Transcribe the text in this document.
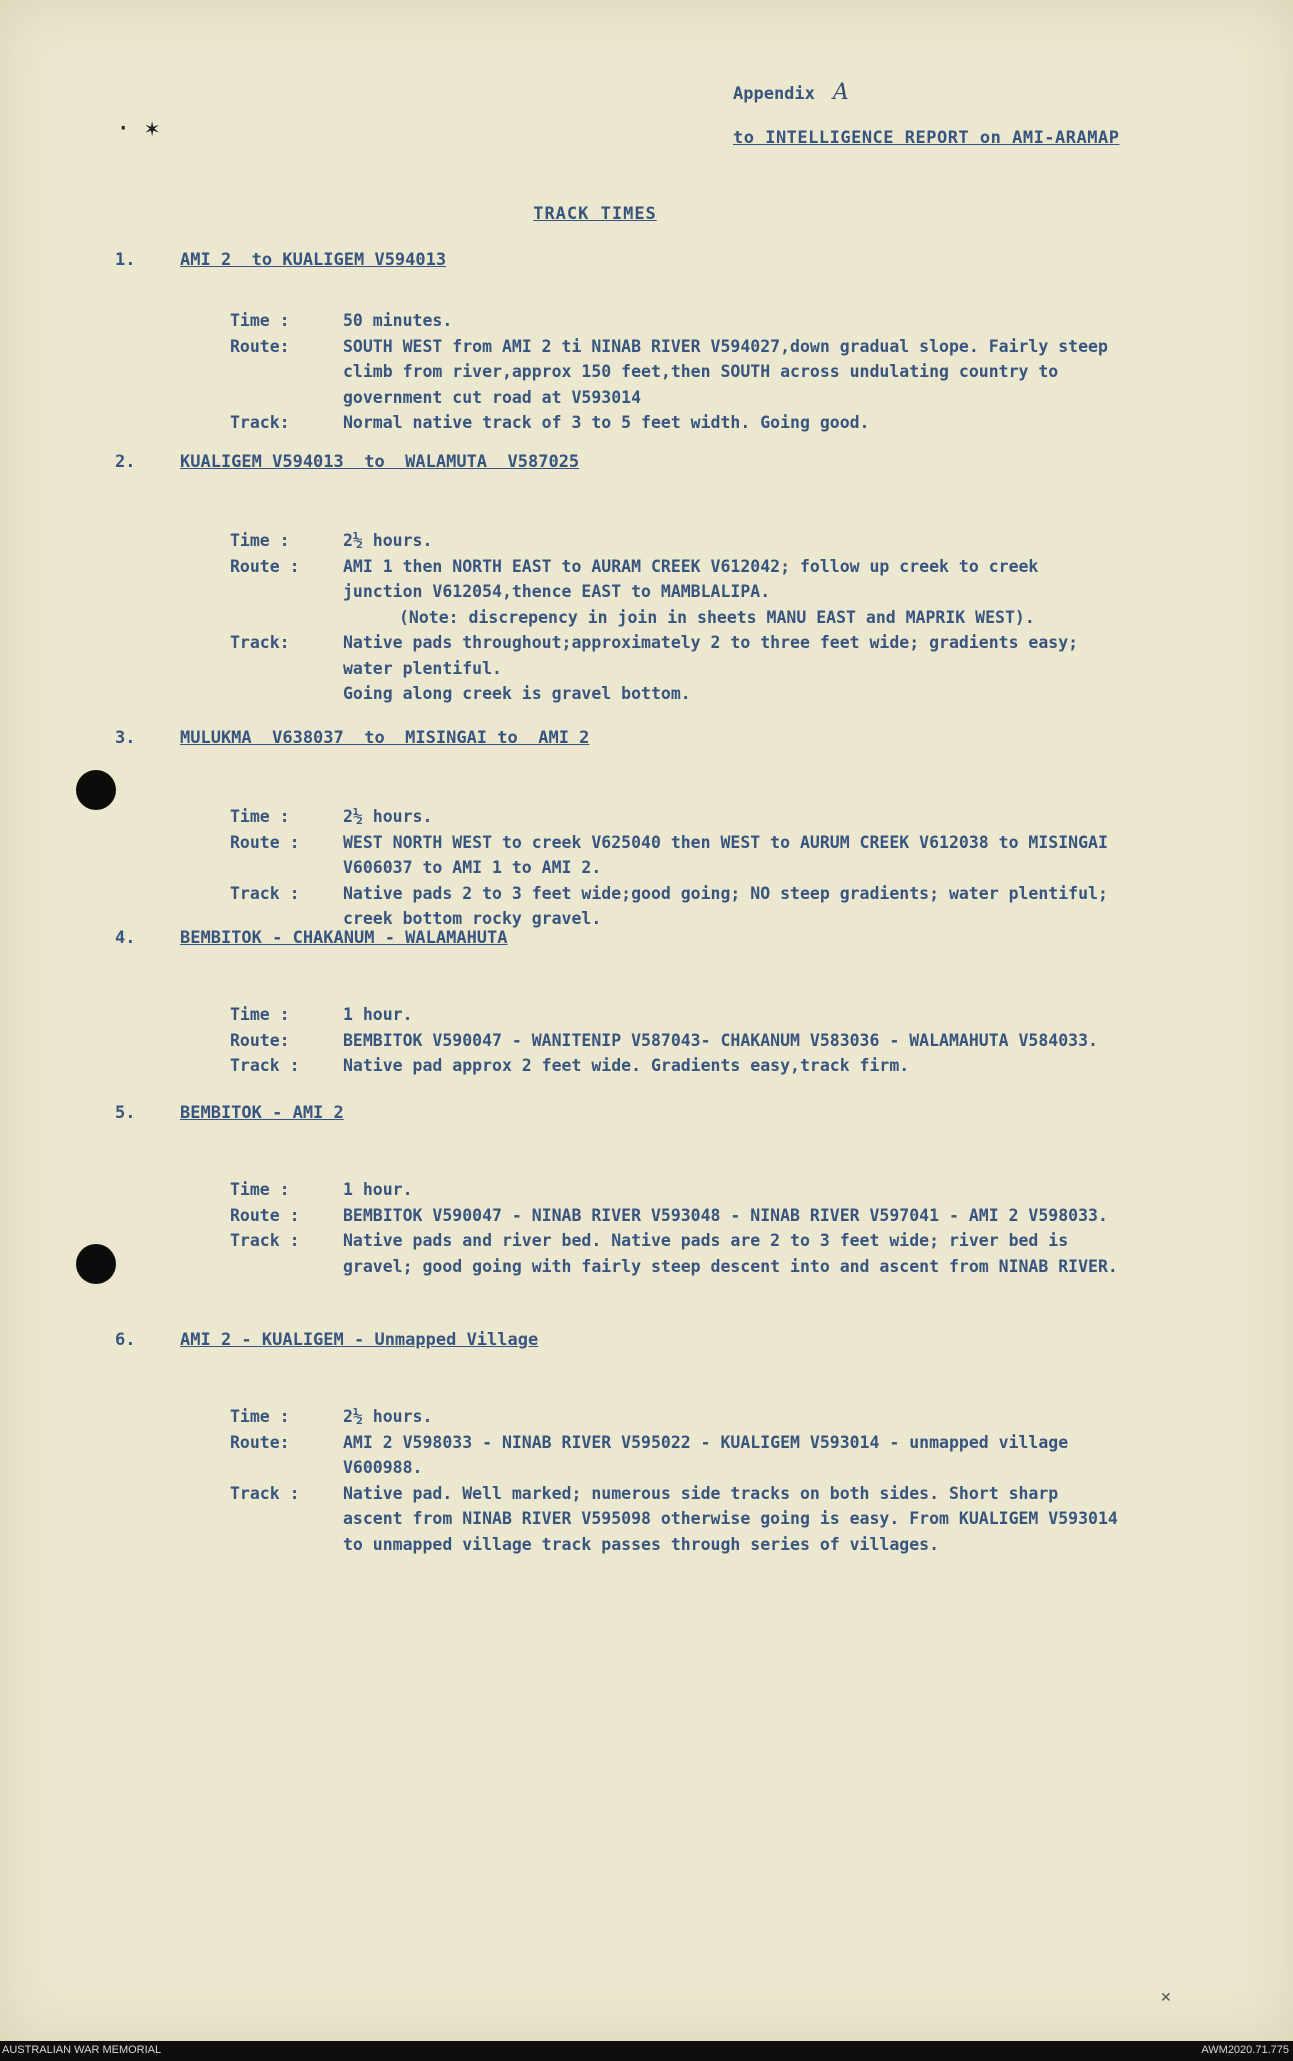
· ✶
Appendix A
to INTELLIGENCE REPORT on AMI-ARAMAP
TRACK TIMES
1.	AMI 2  to KUALIGEM V594013
Time :	50 minutes.
Route:	SOUTH WEST from AMI 2 ti NINAB RIVER V594027,down gradual slope. Fairly steep climb from river,approx 150 feet,then SOUTH across undulating country to government cut road at V593014
Track:	Normal native track of 3 to 5 feet width. Going good.
2.	KUALIGEM V594013  to  WALAMUTA  V587025
Time :	2½ hours.
Route :	AMI 1 then NORTH EAST to AURAM CREEK V612042; follow up creek to creek junction V612054,thence EAST to MAMBLALIPA.
(Note: discrepency in join in sheets MANU EAST and MAPRIK WEST).
Track:	Native pads throughout;approximately 2 to three feet wide; gradients easy; water plentiful.
Going along creek is gravel bottom.
3.	MULUKMA  V638037  to  MISINGAI to  AMI 2
Time :	2½ hours.
Route :	WEST NORTH WEST to creek V625040 then WEST to AURUM CREEK V612038 to MISINGAI V606037 to AMI 1 to AMI 2.
Track :	Native pads 2 to 3 feet wide;good going; NO steep gradients; water plentiful; creek bottom rocky gravel.
4.	BEMBITOK - CHAKANUM - WALAMAHUTA
Time :	1 hour.
Route:	BEMBITOK V590047 - WANITENIP V587043- CHAKANUM V583036 - WALAMAHUTA V584033.
Track :	Native pad approx 2 feet wide. Gradients easy,track firm.
5.	BEMBITOK - AMI 2
Time :	1 hour.
Route :	BEMBITOK V590047 - NINAB RIVER V593048 - NINAB RIVER V597041 - AMI 2 V598033.
Track :	Native pads and river bed. Native pads are 2 to 3 feet wide; river bed is gravel; good going with fairly steep descent into and ascent from NINAB RIVER.
6.	AMI 2 - KUALIGEM - Unmapped Village
Time :	2½ hours.
Route:	AMI 2 V598033 - NINAB RIVER V595022 - KUALIGEM V593014 - unmapped village V600988.
Track :	Native pad. Well marked; numerous side tracks on both sides. Short sharp ascent from NINAB RIVER V595098 otherwise going is easy. From KUALIGEM V593014 to unmapped village track passes through series of villages.
✕
AUSTRALIAN WAR MEMORIAL	AWM2020.71.775
